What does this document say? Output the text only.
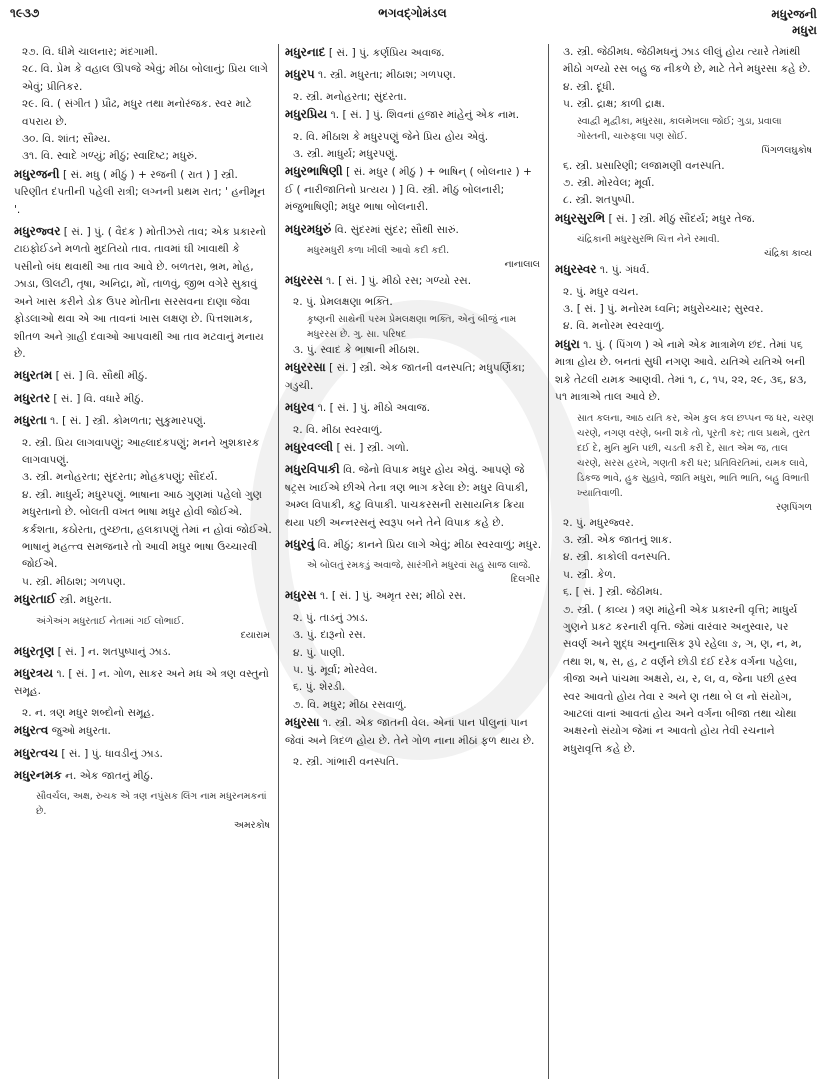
૧૯૩૭	ભગવદ્ગોમંડલ	મધુરજની
મધુરા
૨૭. વિ. ધીમે ચાલનાર; મંદગામી.
૨૮. વિ. પ્રેમ કે વહાલ ઊપજે એવું; મીઠા બોલાનું; પ્રિય લાગે એવું; પ્રીતિકર.
૨૯. વિ. ( સંગીત ) પ્રૌઢ, મધુર તથા મનોરંજક. સ્વર માટે વપરાય છે.
૩૦. વિ. શાંત; સૌમ્ય.
૩૧. વિ. સ્વાદે ગળ્યું; મીઠું; સ્વાદિષ્ટ; મધુરું.
મધુરજની [ સં. મધુ ( મીઠું ) + રજની ( રાત ) ] સ્ત્રી. પરિણીત દંપતીની પહેલી રાત્રી; લગ્નની પ્રથમ રાત; ' હનીમૂન '.
મધુરજ્વર [ સં. ] પું. ( વૈદક ) મોતીઝરો તાવ; એક પ્રકારનો ટાઇફોઈડને મળતો મુદતિયો તાવ. તાવમાં ઘી ખાવાથી કે પસીનો બંધ થવાથી આ તાવ આવે છે. બળતરા, ભ્રમ, મોહ, ઝાડા, ઊલટી, તૃષા, અનિદ્રા, મોં, તાળવું, જીભ વગેરે સુકાવું અને ખાસ કરીને ડોક ઉપર મોતીના સરસવના દાણા જેવા ફોડલાઓ થવા એ આ તાવનાં ખાસ લક્ષણ છે. પિત્તશામક, શીતળ અને ગ્રાહી દવાઓ આપવાથી આ તાવ મટવાનું મનાય છે.
મધુરતમ [ સં. ] વિ. સૌથી મીઠું.
મધુરતર [ સં. ] વિ. વધારે મીઠું.
મધુરતા ૧. [ સં. ] સ્ત્રી. કોમળતા; સુકુમારપણું.
૨. સ્ત્રી. પ્રિય લાગવાપણું; આહ્લાદકપણું; મનને ખુશકારક લાગવાપણું.
૩. સ્ત્રી. મનોહરતા; સુંદરતા; મોહકપણું; સૌંદર્ય.
૪. સ્ત્રી. માધુર્ય; મધુરપણું. ભાષાના આઠ ગુણમાં પહેલો ગુણ મધુરતાનો છે. બોલતી વખત ભાષા મધુર હોવી જોઈએ. કર્કશતા, કઠોરતા, તુચ્છતા, હલકાપણું તેમાં ન હોવાં જોઈએ. ભાષાનું મહત્ત્વ સમજનારે તો આવી મધુર ભાષા ઉચ્ચારવી જોઈએ.
૫. સ્ત્રી. મીઠાશ; ગળપણ.
મધુરતાઈ સ્ત્રી. મધુરતા.
અંગેઅંગ મધુરતાઈ નેતામાં ગઈ લોભાઈ.
દયારામ
મધુરતૃણ [ સં. ] ન. શતપુષ્પાનું ઝાડ.
મધુરત્રય ૧. [ સં. ] ન. ગોળ, સાકર અને મધ એ ત્રણ વસ્તુનો સમૂહ.
૨. ન. ત્રણ મધુર શબ્દોનો સમૂહ.
મધુરત્વ જુઓ મધુરતા.
મધુરત્વચ [ સં. ] પું. ધાવડીનું ઝાડ.
મધુરનમક ન. એક જાતનું મીઠું.
સૌવર્ચલ, અક્ષ, રુચક એ ત્રણ નપુંસક લિંગ નામ મધુરનમકનાં છે.
અમરકોષ
મધુરનાદ [ સં. ] પું. કર્ણપ્રિય અવાજ.
મધુરપ ૧. સ્ત્રી. મધુરતા; મીઠાશ; ગળપણ.
૨. સ્ત્રી. મનોહરતા; સુંદરતા.
મધુરપ્રિય ૧. [ સં. ] પું. શિવનાં હજાર માંહેનું એક નામ.
૨. વિ. મીઠાશ કે મધુરપણું જેને પ્રિય હોય એવું.
૩. સ્ત્રી. માધુર્ય; મધુરપણું.
મધુરભાષિણી [ સં. મધુર ( મીઠું ) + ભાષિન્ ( બોલનાર ) + ઈ ( નારીજાતિનો પ્રત્યય ) ] વિ. સ્ત્રી. મીઠું બોલનારી; મંજુભાષિણી; મધુર ભાષા બોલનારી.
મધુરમધુરું વિ. સુંદરમાં સુંદર; સૌથી સારું.
મધુરમધુરી કળા ખીલી આવો કદી કદી.
નાનાલાલ
મધુરરસ ૧. [ સં. ] પું. મીઠો રસ; ગળ્યો રસ.
૨. પું. પ્રેમલક્ષણા ભક્તિ.
કૃષ્ણની સાથેની પરમ પ્રેમલક્ષણા ભક્તિ, એનું બીજું નામ મધુરરસ છે. ગુ. સા. પરિષદ
૩. પું. સ્વાદ કે ભાષાની મીઠાશ.
મધુરરસા [ સં. ] સ્ત્રી. એક જાતની વનસ્પતિ; મધુપર્ણિકા; ગડુચી.
મધુરવ ૧. [ સં. ] પું. મીઠો અવાજ.
૨. વિ. મીઠા સ્વરવાળું.
મધુરવલ્લી [ સં. ] સ્ત્રી. ગળો.
મધુરવિપાકી વિ. જેનો વિપાક મધુર હોય એવું. આપણે જે ષટ્રસ ખાઈએ છીએ તેના ત્રણ ભાગ કરેલા છે: મધુર વિપાકી, અમ્લ વિપાકી, કટુ વિપાકી. પાચકરસની રાસાયનિક ક્રિયા થયા પછી અન્નરસનું સ્વરૂપ બને તેને વિપાક કહે છે.
મધુરવું વિ. મીઠું; કાનને પ્રિય લાગે એવું; મીઠા સ્વરવાળું; મધુર.
એ બોલતું રમકડું અવાજે, સારંગીને મધુરવાં સહુ સાજ લાજે.
દિલગીર
મધુરસ ૧. [ સં. ] પું. અમૃત રસ; મીઠો રસ.
૨. પું. તાડનું ઝાડ.
૩. પું. દારૂનો રસ.
૪. પું. પાણી.
૫. પું. મૂર્વા; મોરવેલ.
૬. પું. શેરડી.
૭. વિ. મધુર; મીઠા રસવાળું.
મધુરસા ૧. સ્ત્રી. એક જાતની વેલ. એનાં પાન પીલુનાં પાન જેવાં અને ત્રિદળ હોય છે. તેને ગોળ નાના મીઠાં ફળ થાય છે.
૨. સ્ત્રી. ગાંભારી વનસ્પતિ.
૩. સ્ત્રી. જેઠીમધ. જેઠીમધનું ઝાડ લીલું હોય ત્યારે તેમાંથી મીઠો ગળ્યો રસ બહુ જ નીકળે છે, માટે તેને મધુરસા કહે છે.
૪. સ્ત્રી. દૂધી.
૫. સ્ત્રી. દ્રાક્ષ; કાળી દ્રાક્ષ.
સ્વાદ્વી મૃદ્વીકા, મધુરસા, કાલમેખલા જોઈ; ગુડા, પ્રવાલા ગોસ્તની, ચારુફલા પણ સોઈ.
પિંગળલઘુકોષ
૬. સ્ત્રી. પ્રસારિણી; લજામણી વનસ્પતિ.
૭. સ્ત્રી. મોરવેલ; મૂર્વા.
૮. સ્ત્રી. શતપુષ્પી.
મધુરસુરભિ [ સં. ] સ્ત્રી. મીઠું સૌંદર્ય; મધુર તેજ.
ચંદ્રિકાની મધુરસુરભિ ચિત્ત નેને રમાવી.
ચંદ્રિકા કાવ્ય
મધુરસ્વર ૧. પું. ગંધર્વ.
૨. પું. મધુર વચન.
૩. [ સં. ] પું. મનોરમ ધ્વનિ; મધુરોચ્ચાર; સુસ્વર.
૪. વિ. મનોરમ સ્વરવાળું.
મધુરા ૧. પું. ( પિંગળ ) એ નામે એક માત્રામેળ છંદ. તેમાં ૫૬ માત્રા હોય છે. બનતાં સુધી નગણ આવે. યતિએ યતિએ બની શકે તેટલી યમક આણવી. તેમાં ૧, ૮, ૧૫, ૨૨, ૨૯, ૩૬, ૪૩, ૫૧ માત્રાએ તાલ આવે છે.
સાત કલના, આઠ યતિ કર, એમ કુલ કલ છપ્પન જ ધર, ચરણ ચરણે, નગણ વરણે, બની શકે તો, પૂરતી કર; તાલ પ્રથમે, તુરત દઈ દે, મુનિ મુનિ પછી, ચડતી કરી દે, સાત એમ જ, તાલ ચરણે, સરસ હરખે, ગણતી કરી ધર; પ્રતિવિરતિમાં, યમક લાવે, ડિકજ ભાવે, હુક સુહાવે, જાતિ મધુરા, ભાતિ ભાતિ, બહુ વિભાતી ખ્યાતિવાળી.
રણપિંગળ
૨. પું. મધુરજ્વર.
૩. સ્ત્રી. એક જાતનું શાક.
૪. સ્ત્રી. કાકોલી વનસ્પતિ.
૫. સ્ત્રી. કેળ.
૬. [ સં. ] સ્ત્રી. જેઠીમધ.
૭. સ્ત્રી. ( કાવ્ય ) ત્રણ માંહેની એક પ્રકારની વૃત્તિ; માધુર્ય ગુણને પ્રકટ કરનારી વૃત્તિ. જેમાં વારંવાર અનુસ્વાર, પર સવર્ણ અને શુદ્ધ અનુનાસિક રૂપે રહેલા ઙ, ઞ, ણ, ન, મ, તથા શ, ષ, સ, હ, ટ વર્ણને છોડી દઈ દરેક વર્ગના પહેલા, ત્રીજા અને પાંચમા અક્ષરો, ય, ર, લ, વ, જેના પછી હ્રસ્વ સ્વર આવતો હોય તેવા ર અને ણ તથા બે લ નો સંયોગ, આટલાં વાનાં આવતાં હોય અને વર્ગના બીજા તથા ચોથા અક્ષરનો સંયોગ જેમાં ન આવતો હોય તેવી રચનાને મધુરાવૃત્તિ કહે છે.
